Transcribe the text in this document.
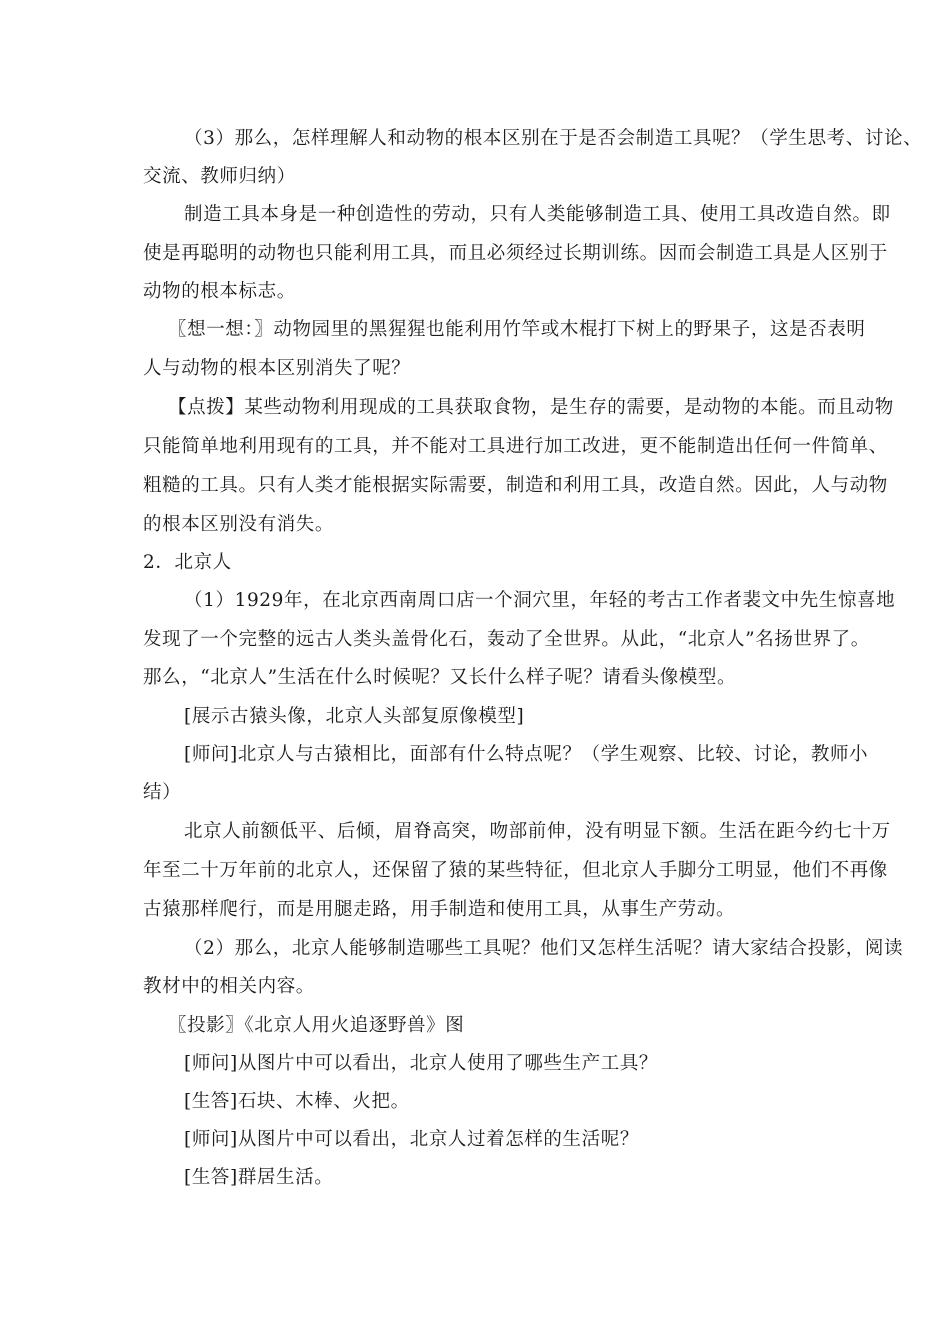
（3）那么，怎样理解人和动物的根本区别在于是否会制造工具呢？（学生思考、讨论、
交流、教师归纳）
制造工具本身是一种创造性的劳动，只有人类能够制造工具、使用工具改造自然。即
使是再聪明的动物也只能利用工具，而且必须经过长期训练。因而会制造工具是人区别于
动物的根本标志。
〖想一想：〗动物园里的黑猩猩也能利用竹竿或木棍打下树上的野果子，这是否表明
人与动物的根本区别消失了呢？
【点拨】某些动物利用现成的工具获取食物，是生存的需要，是动物的本能。而且动物
只能简单地利用现有的工具，并不能对工具进行加工改进，更不能制造出任何一件简单、
粗糙的工具。只有人类才能根据实际需要，制造和利用工具，改造自然。因此，人与动物
的根本区别没有消失。
2．北京人
（1）1929年，在北京西南周口店一个洞穴里，年轻的考古工作者裴文中先生惊喜地
发现了一个完整的远古人类头盖骨化石，轰动了全世界。从此，“北京人”名扬世界了。
那么，“北京人”生活在什么时候呢？又长什么样子呢？请看头像模型。
[展示古猿头像，北京人头部复原像模型]
[师问]北京人与古猿相比，面部有什么特点呢？（学生观察、比较、讨论，教师小
结）
北京人前额低平、后倾，眉脊高突，吻部前伸，没有明显下额。生活在距今约七十万
年至二十万年前的北京人，还保留了猿的某些特征，但北京人手脚分工明显，他们不再像
古猿那样爬行，而是用腿走路，用手制造和使用工具，从事生产劳动。
（2）那么，北京人能够制造哪些工具呢？他们又怎样生活呢？请大家结合投影，阅读
教材中的相关内容。
〖投影〗《北京人用火追逐野兽》图
[师问]从图片中可以看出，北京人使用了哪些生产工具？
[生答]石块、木棒、火把。
[师问]从图片中可以看出，北京人过着怎样的生活呢？
[生答]群居生活。
